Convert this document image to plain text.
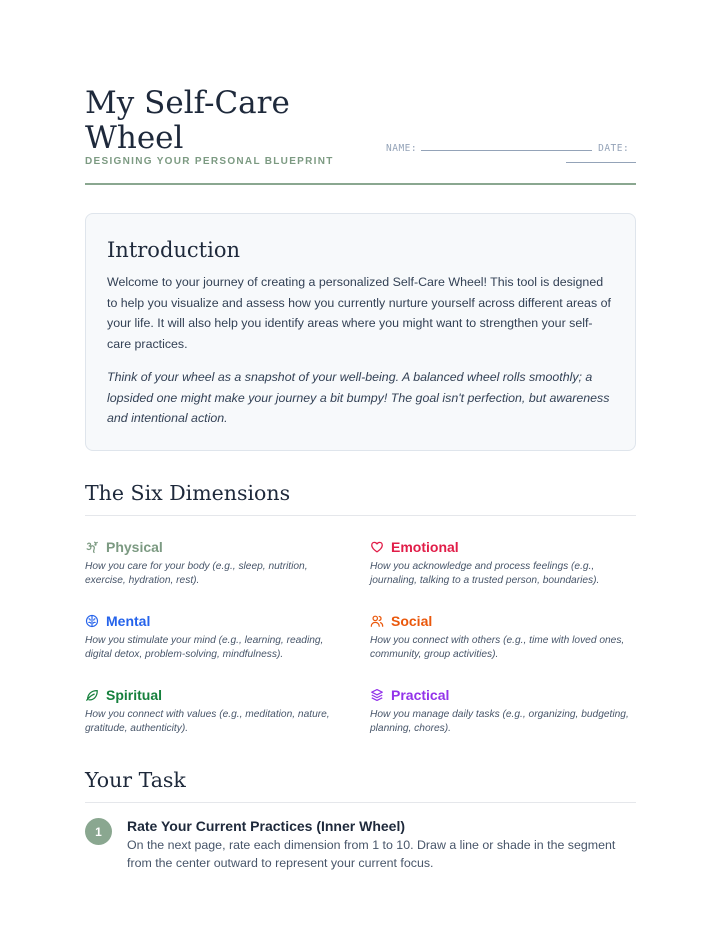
My Self-Care Wheel
DESIGNING YOUR PERSONAL BLUEPRINT
NAME:	DATE:
Introduction

Welcome to your journey of creating a personalized Self-Care Wheel! This tool is designed to help you visualize and assess how you currently nurture yourself across different areas of your life. It will also help you identify areas where you might want to strengthen your self-care practices.

Think of your wheel as a snapshot of your well-being. A balanced wheel rolls smoothly; a lopsided one might make your journey a bit bumpy! The goal isn't perfection, but awareness and intentional action.

The Six Dimensions
Physical
How you care for your body (e.g., sleep, nutrition, exercise, hydration, rest).
Emotional
How you acknowledge and process feelings (e.g., journaling, talking to a trusted person, boundaries).
Mental
How you stimulate your mind (e.g., learning, reading, digital detox, problem-solving, mindfulness).
Social
How you connect with others (e.g., time with loved ones, community, group activities).
Spiritual
How you connect with values (e.g., meditation, nature, gratitude, authenticity).
Practical
How you manage daily tasks (e.g., organizing, budgeting, planning, chores).
Your Task
1	Rate Your Current Practices (Inner Wheel)
On the next page, rate each dimension from 1 to 10. Draw a line or shade in the segment from the center outward to represent your current focus.
